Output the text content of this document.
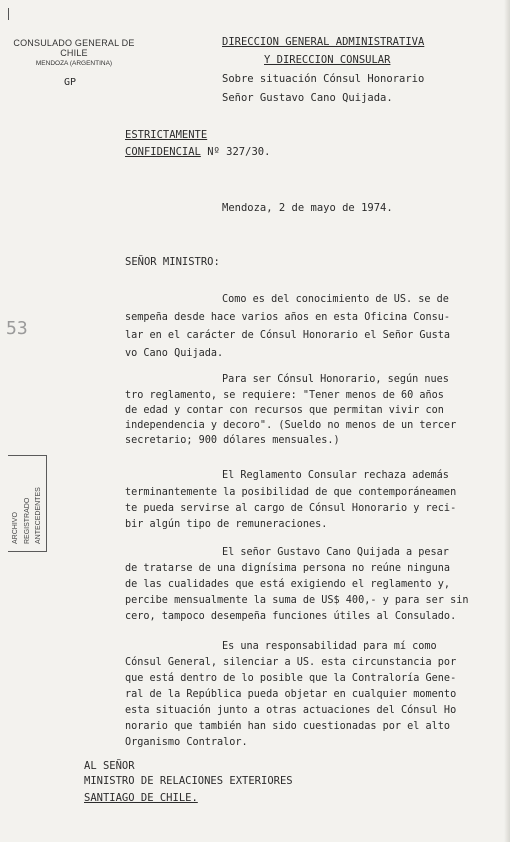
CONSULADO GENERAL DE CHILE
MENDOZA (ARGENTINA)
GP
DIRECCION GENERAL ADMINISTRATIVA
Y DIRECCION CONSULAR
Sobre situación Cónsul Honorario
Señor Gustavo Cano Quijada.
ESTRICTAMENTE
CONFIDENCIAL Nº 327/30.
Mendoza, 2 de mayo de 1974.
SEÑOR MINISTRO:
Como es del conocimiento de US. se de
sempeña desde hace varios años en esta Oficina Consu-
lar en el carácter de Cónsul Honorario el Señor Gusta
vo Cano Quijada.
Para ser Cónsul Honorario, según nues
tro reglamento, se requiere: "Tener menos de 60 años
de edad y contar con recursos que permitan vivir con
independencia y decoro". (Sueldo no menos de un tercer
secretario; 900 dólares mensuales.)
El Reglamento Consular rechaza además
terminantemente la posibilidad de que contemporáneamen
te pueda servirse al cargo de Cónsul Honorario y reci-
bir algún tipo de remuneraciones.
El señor Gustavo Cano Quijada a pesar
de tratarse de una dignísima persona no reúne ninguna
de las cualidades que está exigiendo el reglamento y,
percibe mensualmente la suma de US$ 400,- y para ser sin
cero, tampoco desempeña funciones útiles al Consulado.
Es una responsabilidad para mí como
Cónsul General, silenciar a US. esta circunstancia por
que está dentro de lo posible que la Contraloría Gene-
ral de la República pueda objetar en cualquier momento
esta situación junto a otras actuaciones del Cónsul Ho
norario que también han sido cuestionadas por el alto
Organismo Contralor.
AL SEÑOR
MINISTRO DE RELACIONES EXTERIORES
SANTIAGO DE CHILE.
53
ARCHIVO REGISTRADO ANTECEDENTES
